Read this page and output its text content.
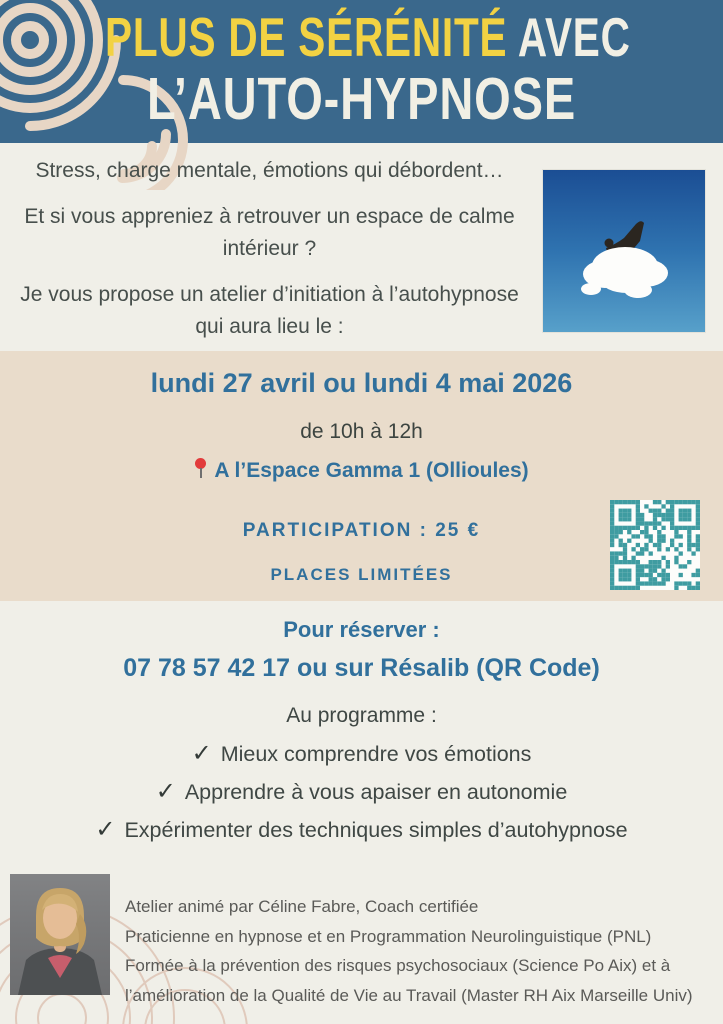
PLUS DE SÉRÉNITÉ AVEC
L’AUTO-HYPNOSE

Stress, charge mentale, émotions qui débordent…

Et si vous appreniez à retrouver un espace de calme intérieur ?

Je vous propose un atelier d’initiation à l’autohypnose qui aura lieu le :

lundi 27 avril ou lundi 4 mai 2026
de 10h à 12h
A l’Espace Gamma 1 (Ollioules)
PARTICIPATION : 25 €
PLACES LIMITÉES
Pour réserver :
07 78 57 42 17 ou sur Résalib (QR Code)
Au programme :
✓ Mieux comprendre vos émotions
✓ Apprendre à vous apaiser en autonomie
✓ Expérimenter des techniques simples d’autohypnose
Atelier animé par Céline Fabre, Coach certifiée
Praticienne en hypnose et en Programmation Neurolinguistique (PNL)
Formée à la prévention des risques psychosociaux (Science Po Aix) et à
l’amélioration de la Qualité de Vie au Travail (Master RH Aix Marseille Univ)
